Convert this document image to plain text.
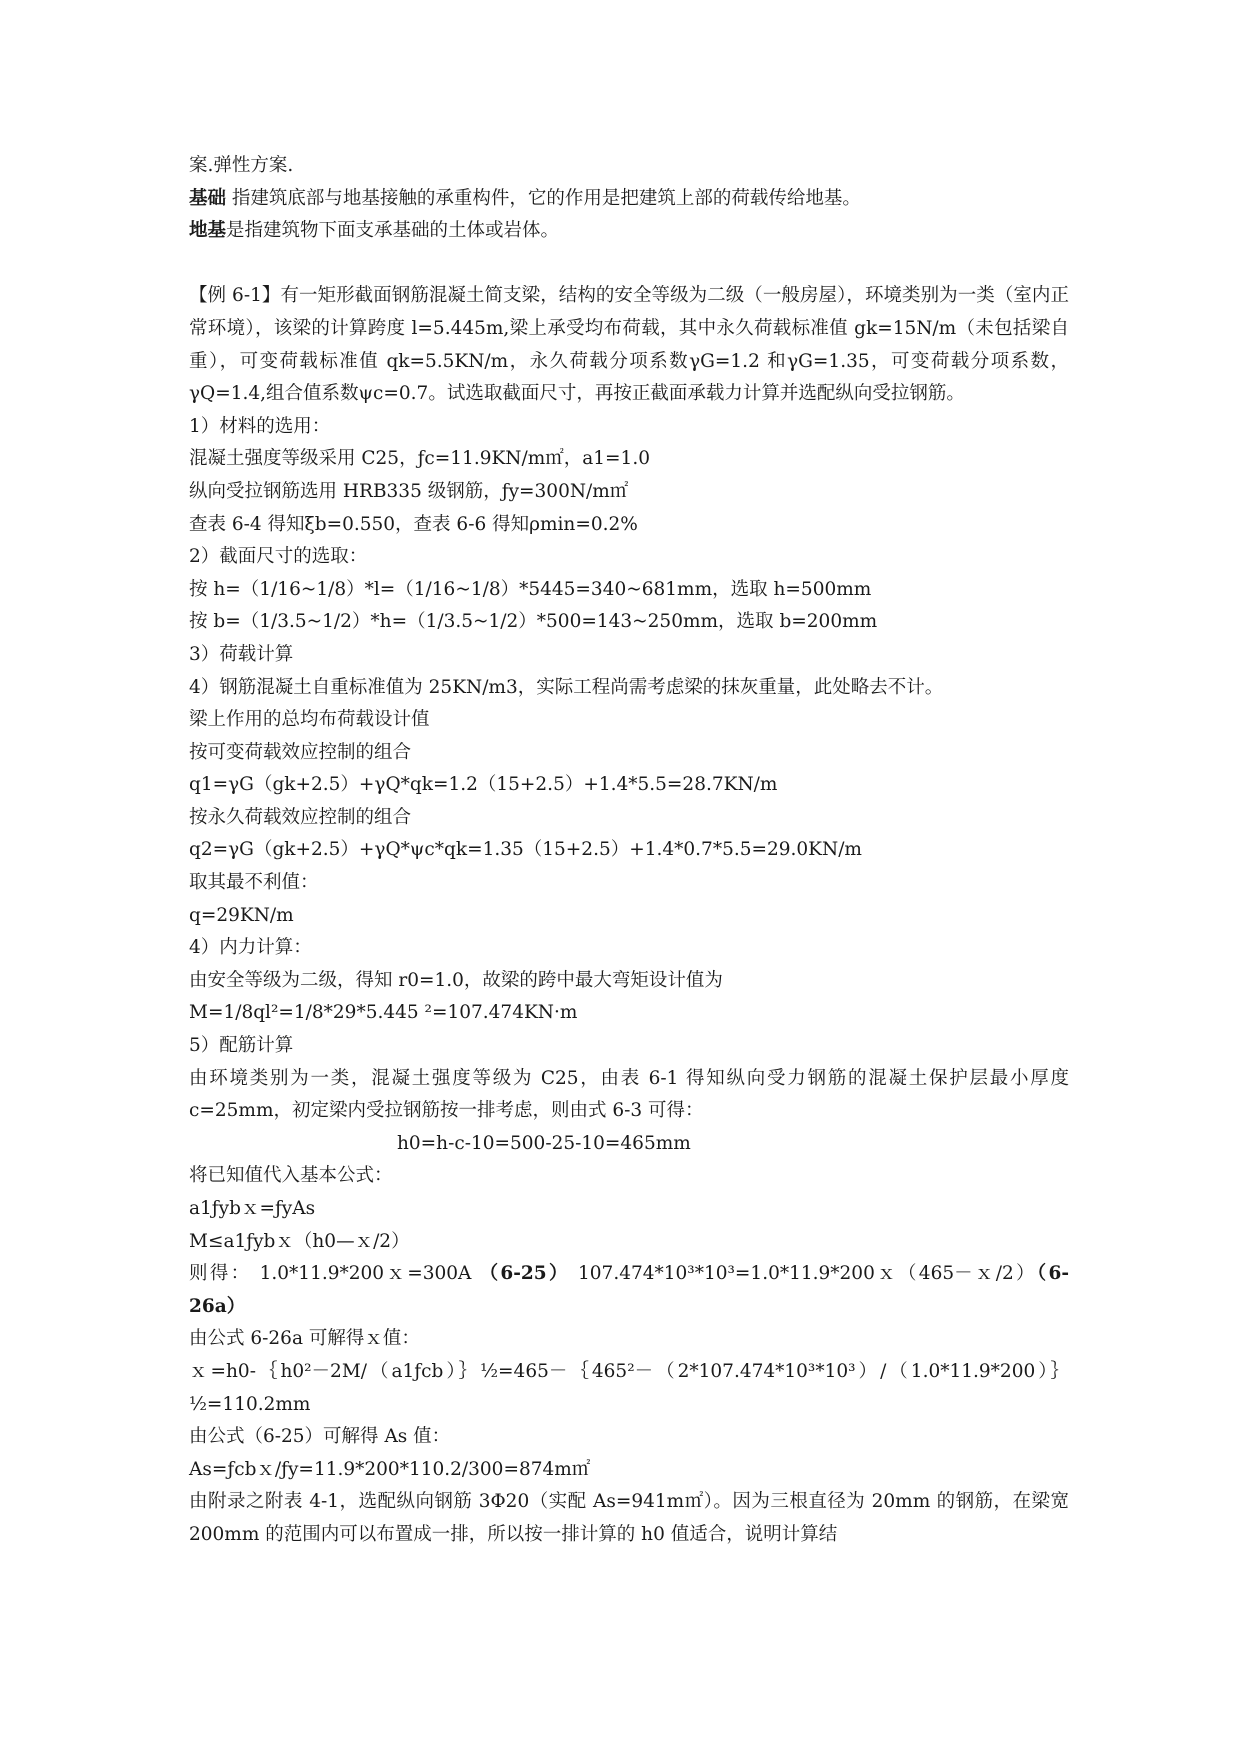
案.弹性方案.
基础 指建筑底部与地基接触的承重构件，它的作用是把建筑上部的荷载传给地基。
地基是指建筑物下面支承基础的土体或岩体。
【例 6-1】有一矩形截面钢筋混凝土简支梁，结构的安全等级为二级（一般房屋），环境类别为一类（室内正常环境），该梁的计算跨度 l=5.445m,梁上承受均布荷载，其中永久荷载标准值 gk=15N/m（未包括梁自重），可变荷载标准值 qk=5.5KN/m，永久荷载分项系数γG=1.2 和γG=1.35，可变荷载分项系数，γQ=1.4,组合值系数ψc=0.7。试选取截面尺寸，再按正截面承载力计算并选配纵向受拉钢筋。
1）材料的选用：
混凝土强度等级采用 C25，ƒc=11.9KN/m㎡，a1=1.0
纵向受拉钢筋选用 HRB335 级钢筋，ƒy=300N/m㎡
查表 6-4 得知ξb=0.550，查表 6-6 得知ρmin=0.2%
2）截面尺寸的选取：
按 h=（1/16~1/8）*l=（1/16~1/8）*5445=340~681mm，选取 h=500mm
按 b=（1/3.5~1/2）*h=（1/3.5~1/2）*500=143~250mm，选取 b=200mm
3）荷载计算
4）钢筋混凝土自重标准值为 25KN/m3，实际工程尚需考虑梁的抹灰重量，此处略去不计。
梁上作用的总均布荷载设计值
按可变荷载效应控制的组合
q1=γG（gk+2.5）+γQ*qk=1.2（15+2.5）+1.4*5.5=28.7KN/m
按永久荷载效应控制的组合
q2=γG（gk+2.5）+γQ*ψc*qk=1.35（15+2.5）+1.4*0.7*5.5=29.0KN/m
取其最不利值：
q=29KN/m
4）内力计算：
由安全等级为二级，得知 r0=1.0，故梁的跨中最大弯矩设计值为
M=1/8ql²=1/8*29*5.445 ²=107.474KN·m
5）配筋计算
由环境类别为一类，混凝土强度等级为 C25，由表 6-1 得知纵向受力钢筋的混凝土保护层最小厚度 c=25mm，初定梁内受拉钢筋按一排考虑，则由式 6-3 可得：
h0=h-c-10=500-25-10=465mm
将已知值代入基本公式：
a1ƒybｘ=ƒyAs
M≤a1ƒybｘ（h0—ｘ/2）
则得： 1.0*11.9*200ｘ=300A （6-25） 107.474*10³*10³=1.0*11.9*200ｘ（465－ｘ/2）（6-26a）
由公式 6-26a 可解得ｘ值：
ｘ=h0-｛h0²－2M/（a1ƒcb）｝½=465－｛465²－（2*107.474*10³*10³）/（1.0*11.9*200）｝½=110.2mm
由公式（6-25）可解得 As 值：
As=ƒcbｘ/ƒy=11.9*200*110.2/300=874m㎡
由附录之附表 4-1，选配纵向钢筋 3Φ20（实配 As=941m㎡）。因为三根直径为 20mm 的钢筋，在梁宽 200mm 的范围内可以布置成一排，所以按一排计算的 h0 值适合，说明计算结
